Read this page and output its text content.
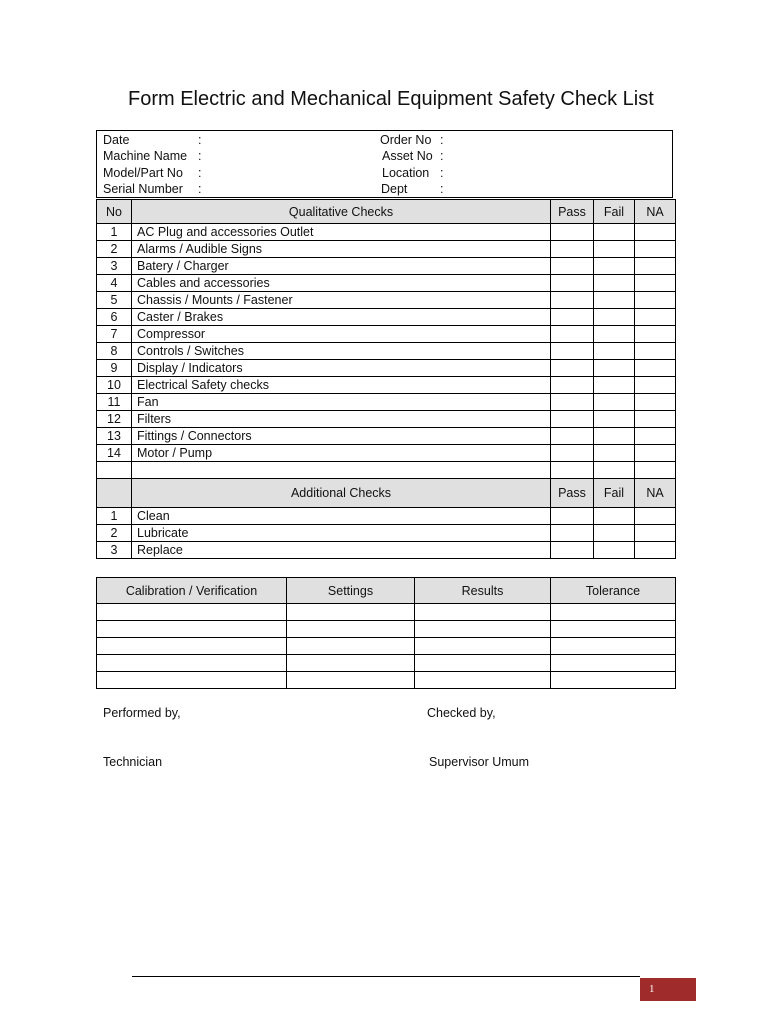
Form Electric and Mechanical Equipment Safety Check List
Date	:
Machine Name :
Model/Part No :
Serial Number :
Order No :
Asset No :
Location :
Dept	:
No	Qualitative Checks	Pass	Fail	NA
1	AC Plug and accessories Outlet			
2	Alarms / Audible Signs			
3	Batery / Charger			
4	Cables and accessories			
5	Chassis / Mounts / Fastener			
6	Caster / Brakes			
7	Compressor			
8	Controls / Switches			
9	Display / Indicators			
10	Electrical Safety checks			
11	Fan			
12	Filters			
13	Fittings / Connectors			
14	Motor / Pump			

	Additional Checks	Pass	Fail	NA
1	Clean			
2	Lubricate			
3	Replace			
Calibration / Verification	Settings	Results	Tolerance

Performed by,	Checked by,
Technician	Supervisor Umum
1
